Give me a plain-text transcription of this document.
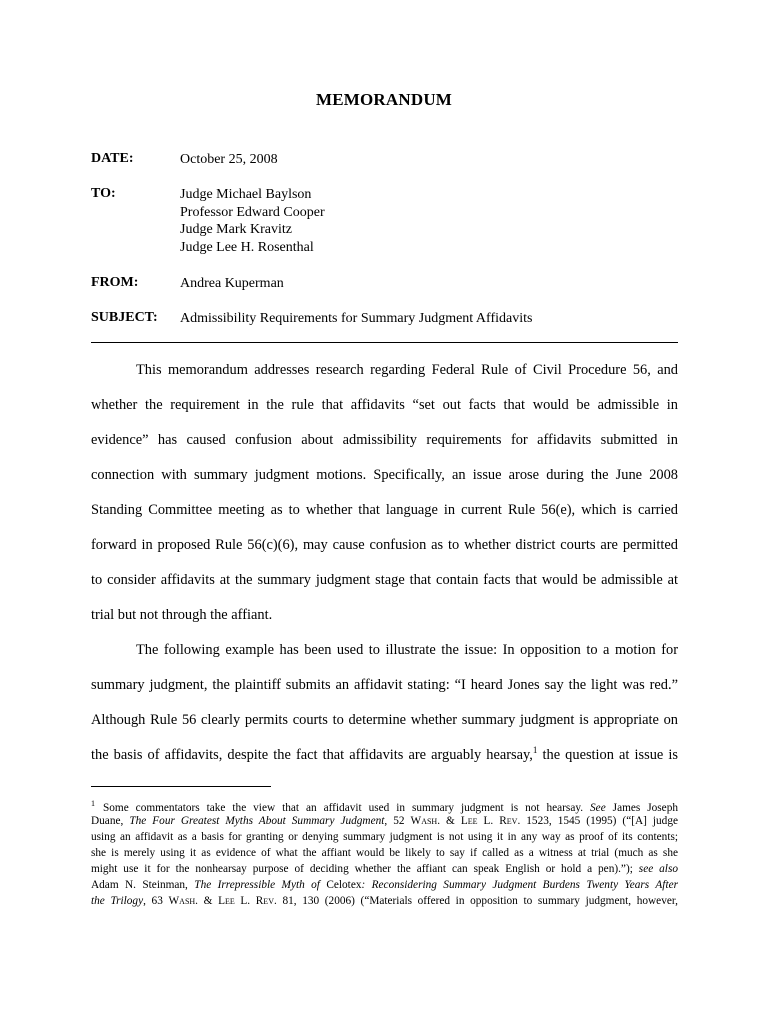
MEMORANDUM
DATE:	October 25, 2008
TO:	Judge Michael Baylson
Professor Edward Cooper
Judge Mark Kravitz
Judge Lee H. Rosenthal
FROM:	Andrea Kuperman
SUBJECT: Admissibility Requirements for Summary Judgment Affidavits
This memorandum addresses research regarding Federal Rule of Civil Procedure 56, and
whether the requirement in the rule that affidavits “set out facts that would be admissible in
evidence” has caused confusion about admissibility requirements for affidavits submitted in
connection with summary judgment motions. Specifically, an issue arose during the June 2008
Standing Committee meeting as to whether that language in current Rule 56(e), which is carried
forward in proposed Rule 56(c)(6), may cause confusion as to whether district courts are permitted
to consider affidavits at the summary judgment stage that contain facts that would be admissible at
trial but not through the affiant.
The following example has been used to illustrate the issue: In opposition to a motion for
summary judgment, the plaintiff submits an affidavit stating: “I heard Jones say the light was red.”
Although Rule 56 clearly permits courts to determine whether summary judgment is appropriate on
the basis of affidavits, despite the fact that affidavits are arguably hearsay,$^1$ the question at issue is
$^1$ Some commentators take the view that an affidavit used in summary judgment is not hearsay. See James Joseph
Duane, The Four Greatest Myths About Summary Judgment, 52 Wash. & Lee L. Rev. 1523, 1545 (1995) (“[A] judge
using an affidavit as a basis for granting or denying summary judgment is not using it in any way as proof of its contents;
she is merely using it as evidence of what the affiant would be likely to say if called as a witness at trial (much as she
might use it for the nonhearsay purpose of deciding whether the affiant can speak English or hold a pen).”); see also
Adam N. Steinman, The Irrepressible Myth of Celotex: Reconsidering Summary Judgment Burdens Twenty Years After
the Trilogy, 63 Wash. & Lee L. Rev. 81, 130 (2006) (“Materials offered in opposition to summary judgment, however,
